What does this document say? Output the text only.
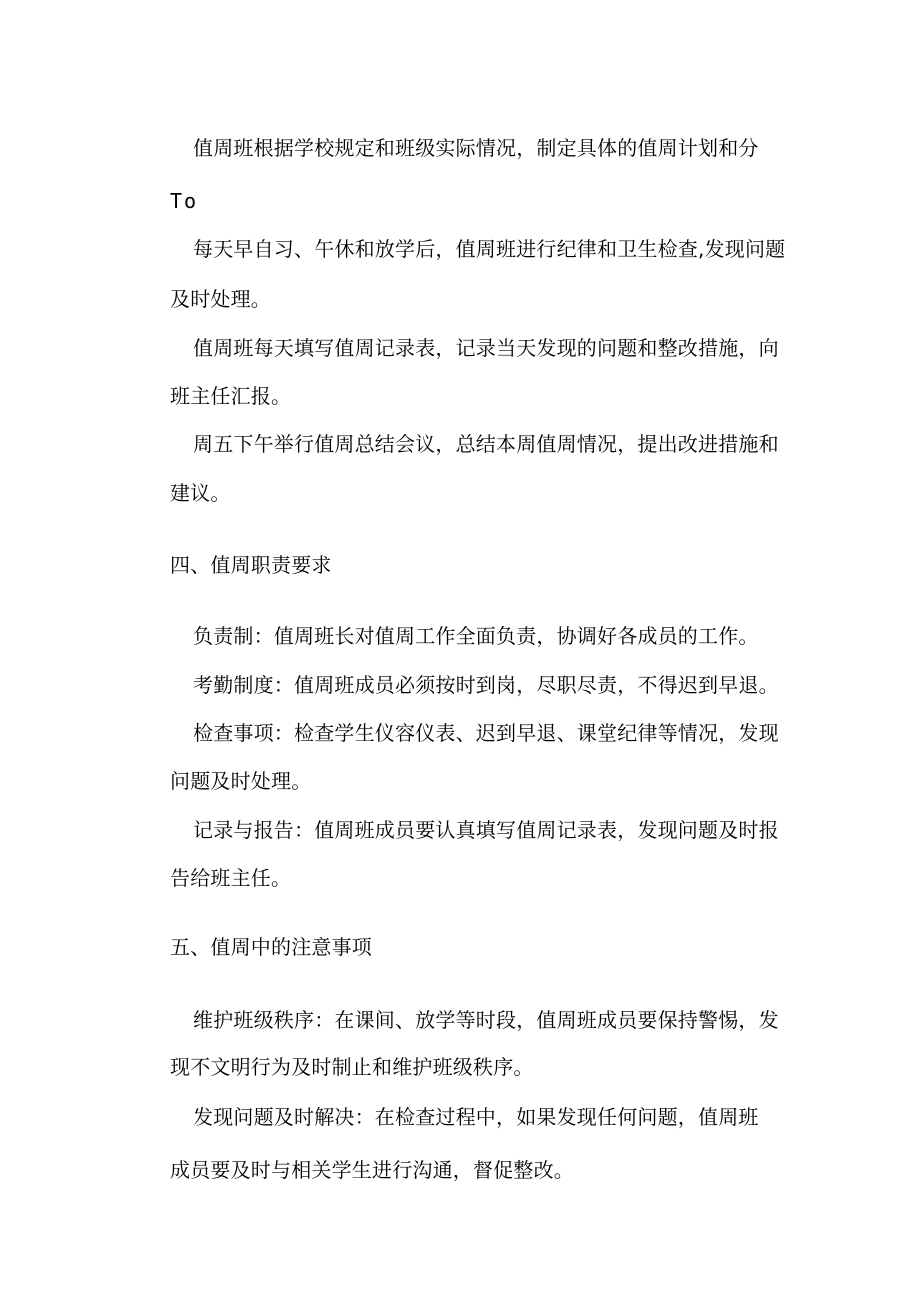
值周班根据学校规定和班级实际情况，制定具体的值周计划和分
To
每天早自习、午休和放学后，值周班进行纪律和卫生检查,发现问题
及时处理。
值周班每天填写值周记录表，记录当天发现的问题和整改措施，向
班主任汇报。
周五下午举行值周总结会议，总结本周值周情况，提出改进措施和
建议。
四、值周职责要求
负责制：值周班长对值周工作全面负责，协调好各成员的工作。
考勤制度：值周班成员必须按时到岗，尽职尽责，不得迟到早退。
检查事项：检查学生仪容仪表、迟到早退、课堂纪律等情况，发现
问题及时处理。
记录与报告：值周班成员要认真填写值周记录表，发现问题及时报
告给班主任。
五、值周中的注意事项
维护班级秩序：在课间、放学等时段，值周班成员要保持警惕，发
现不文明行为及时制止和维护班级秩序。
发现问题及时解决：在检查过程中，如果发现任何问题，值周班
成员要及时与相关学生进行沟通，督促整改。
